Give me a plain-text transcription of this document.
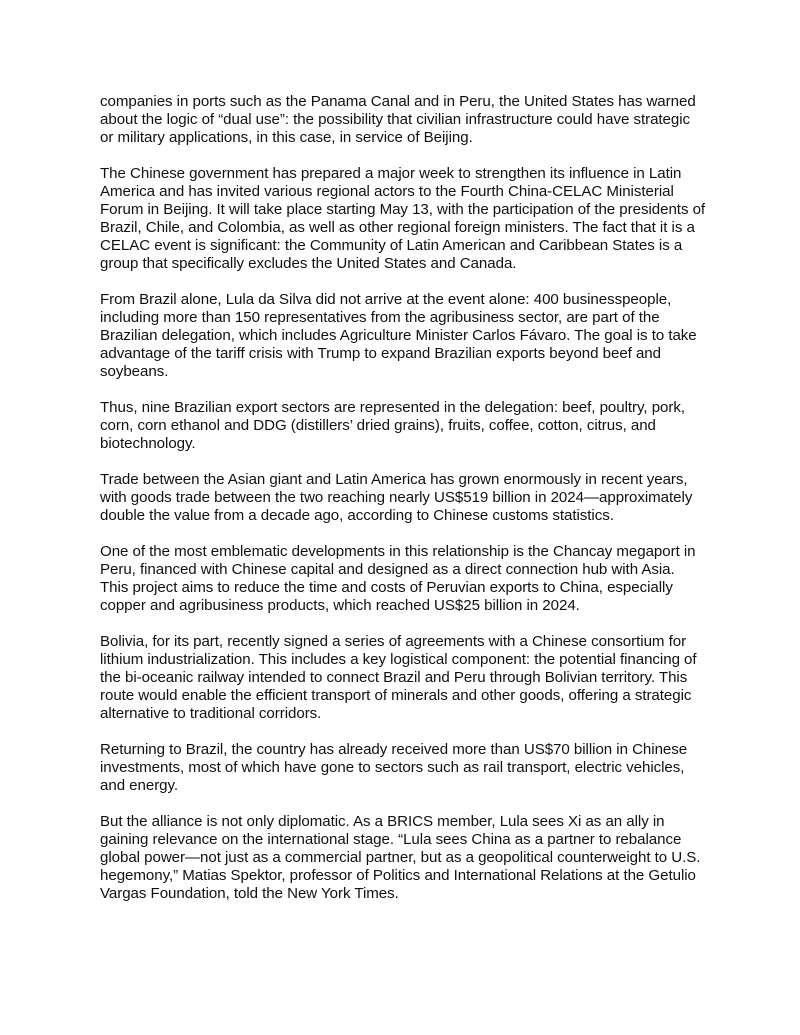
companies in ports such as the Panama Canal and in Peru, the United States has warned about the logic of “dual use”: the possibility that civilian infrastructure could have strategic or military applications, in this case, in service of Beijing.

The Chinese government has prepared a major week to strengthen its influence in Latin America and has invited various regional actors to the Fourth China-CELAC Ministerial Forum in Beijing. It will take place starting May 13, with the participation of the presidents of Brazil, Chile, and Colombia, as well as other regional foreign ministers. The fact that it is a CELAC event is significant: the Community of Latin American and Caribbean States is a group that specifically excludes the United States and Canada.

From Brazil alone, Lula da Silva did not arrive at the event alone: 400 businesspeople, including more than 150 representatives from the agribusiness sector, are part of the Brazilian delegation, which includes Agriculture Minister Carlos Fávaro. The goal is to take advantage of the tariff crisis with Trump to expand Brazilian exports beyond beef and soybeans.

Thus, nine Brazilian export sectors are represented in the delegation: beef, poultry, pork, corn, corn ethanol and DDG (distillers’ dried grains), fruits, coffee, cotton, citrus, and biotechnology.

Trade between the Asian giant and Latin America has grown enormously in recent years, with goods trade between the two reaching nearly US$519 billion in 2024—approximately double the value from a decade ago, according to Chinese customs statistics.

One of the most emblematic developments in this relationship is the Chancay megaport in Peru, financed with Chinese capital and designed as a direct connection hub with Asia. This project aims to reduce the time and costs of Peruvian exports to China, especially copper and agribusiness products, which reached US$25 billion in 2024.

Bolivia, for its part, recently signed a series of agreements with a Chinese consortium for lithium industrialization. This includes a key logistical component: the potential financing of the bi-oceanic railway intended to connect Brazil and Peru through Bolivian territory. This route would enable the efficient transport of minerals and other goods, offering a strategic alternative to traditional corridors.

Returning to Brazil, the country has already received more than US$70 billion in Chinese investments, most of which have gone to sectors such as rail transport, electric vehicles, and energy.

But the alliance is not only diplomatic. As a BRICS member, Lula sees Xi as an ally in gaining relevance on the international stage. “Lula sees China as a partner to rebalance global power—not just as a commercial partner, but as a geopolitical counterweight to U.S. hegemony,” Matias Spektor, professor of Politics and International Relations at the Getulio Vargas Foundation, told the New York Times.
